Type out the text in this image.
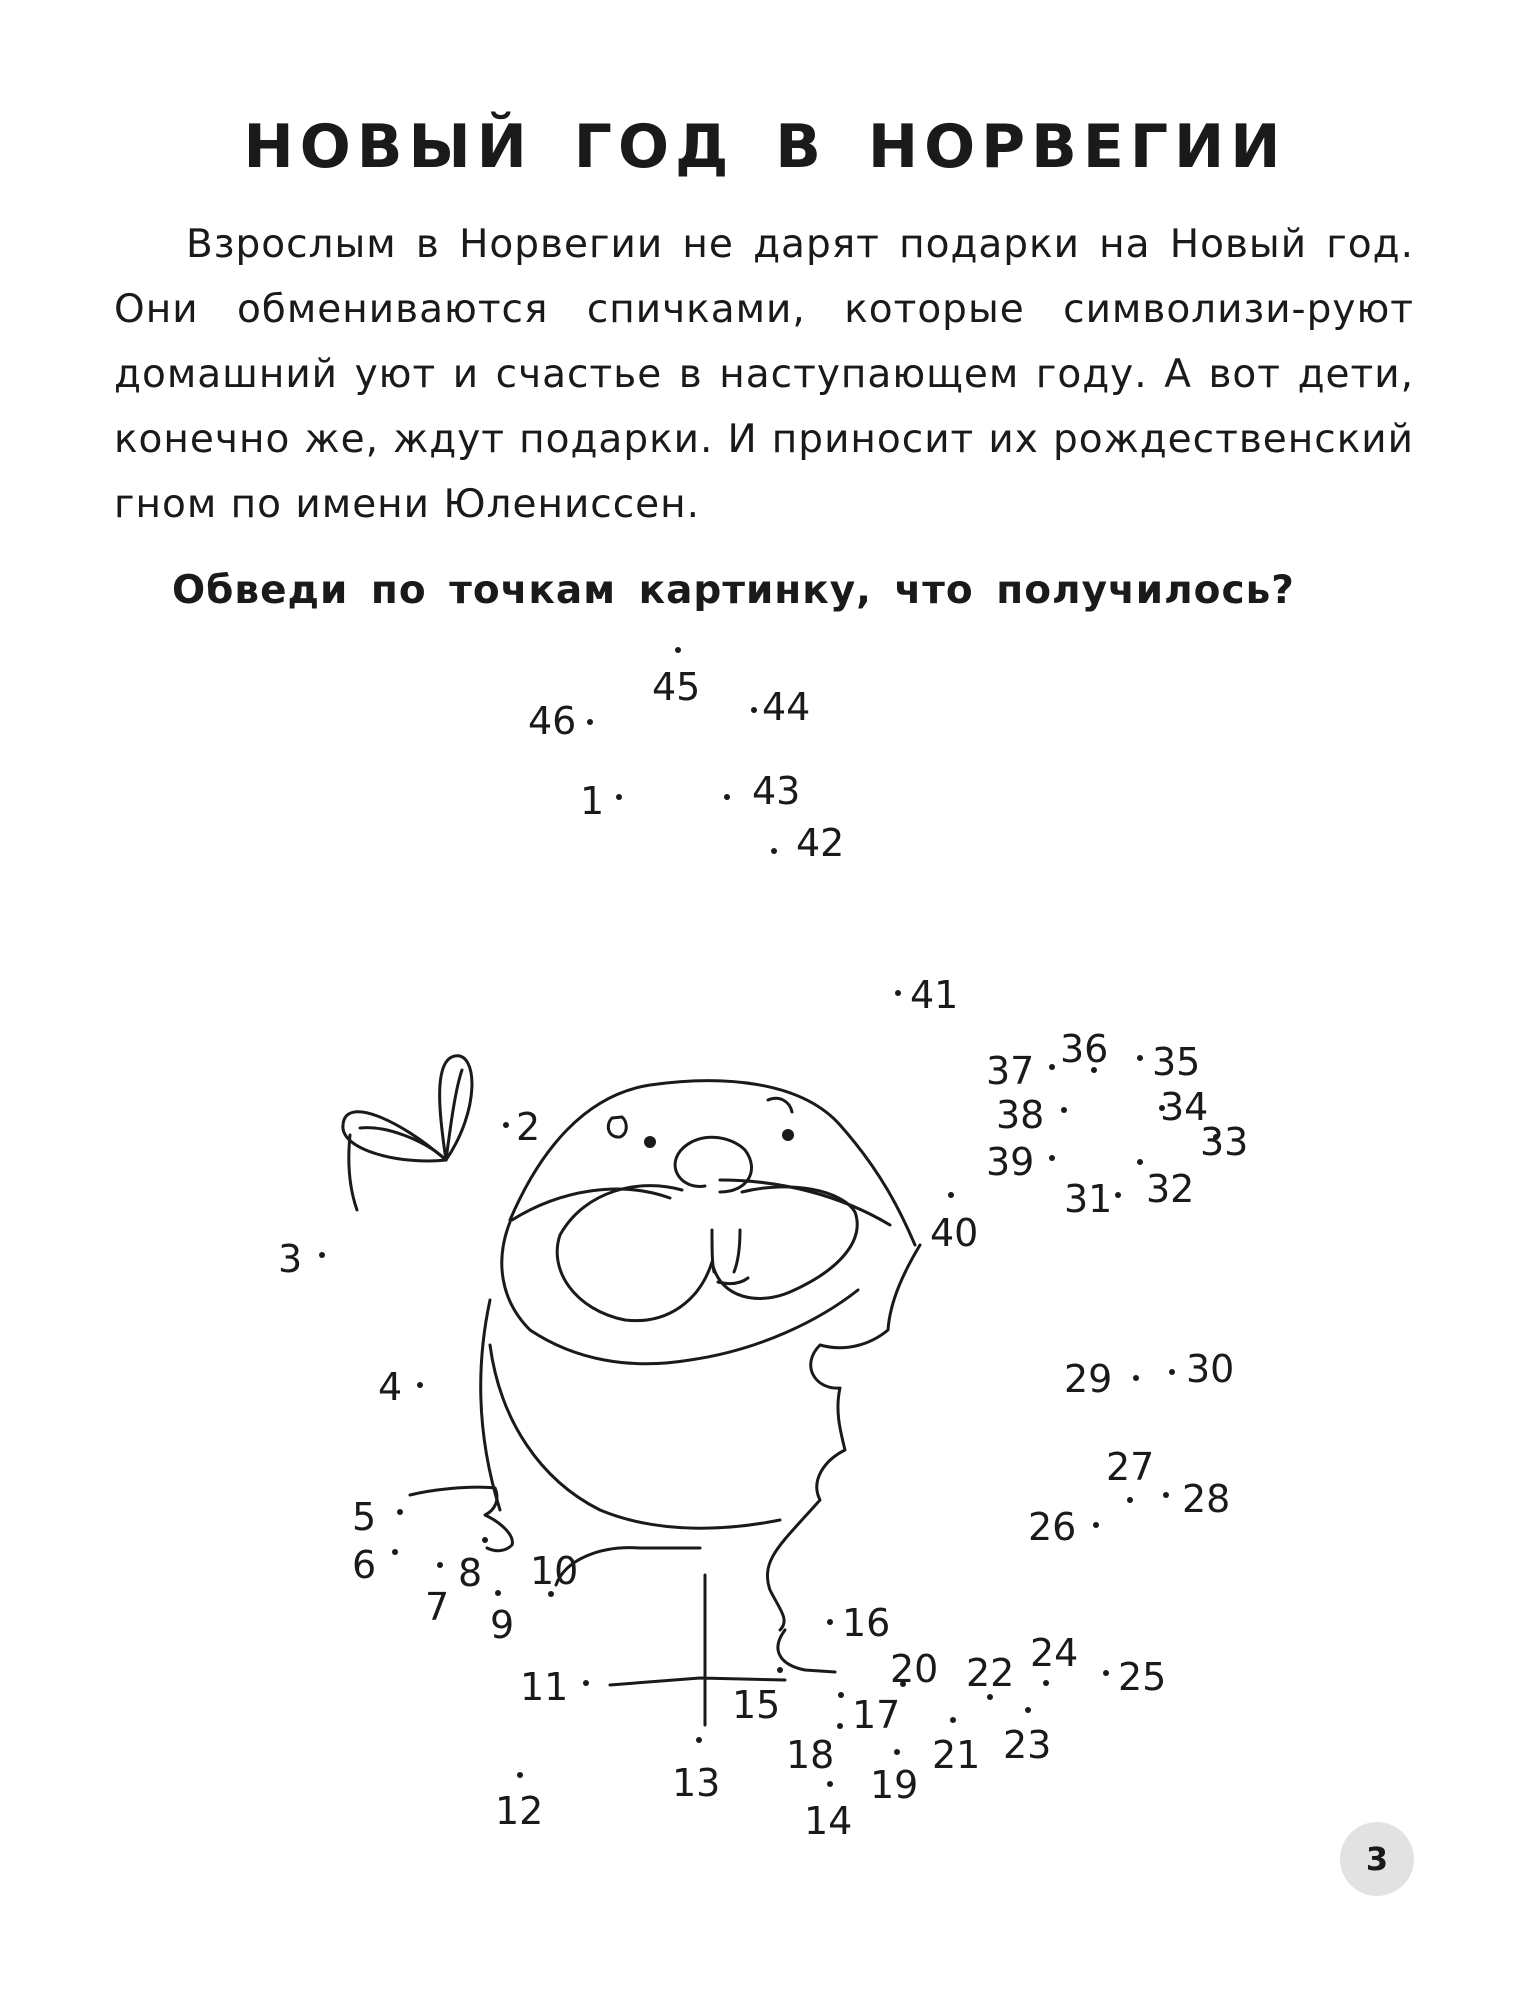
НОВЫЙ ГОД В НОРВЕГИИ

Взрослым в Норвегии не дарят подарки на Новый год. Они обмениваются спичками, которые символизи-руют домашний уют и счастье в наступающем году. А вот дети, конечно же, ждут подарки. И приносит их рождественский гном по имени Юлениссен.

Обведи по точкам картинку, что получилось?

1
2
3
4
5
6
7
8
9
10
11
12
13
14
15
16
17
18
19
20
21
22
23
24
25
26
27
28
29 30
31 32
33
34
35
36
37
38
39
40
41
42
43
44
45
46
3
